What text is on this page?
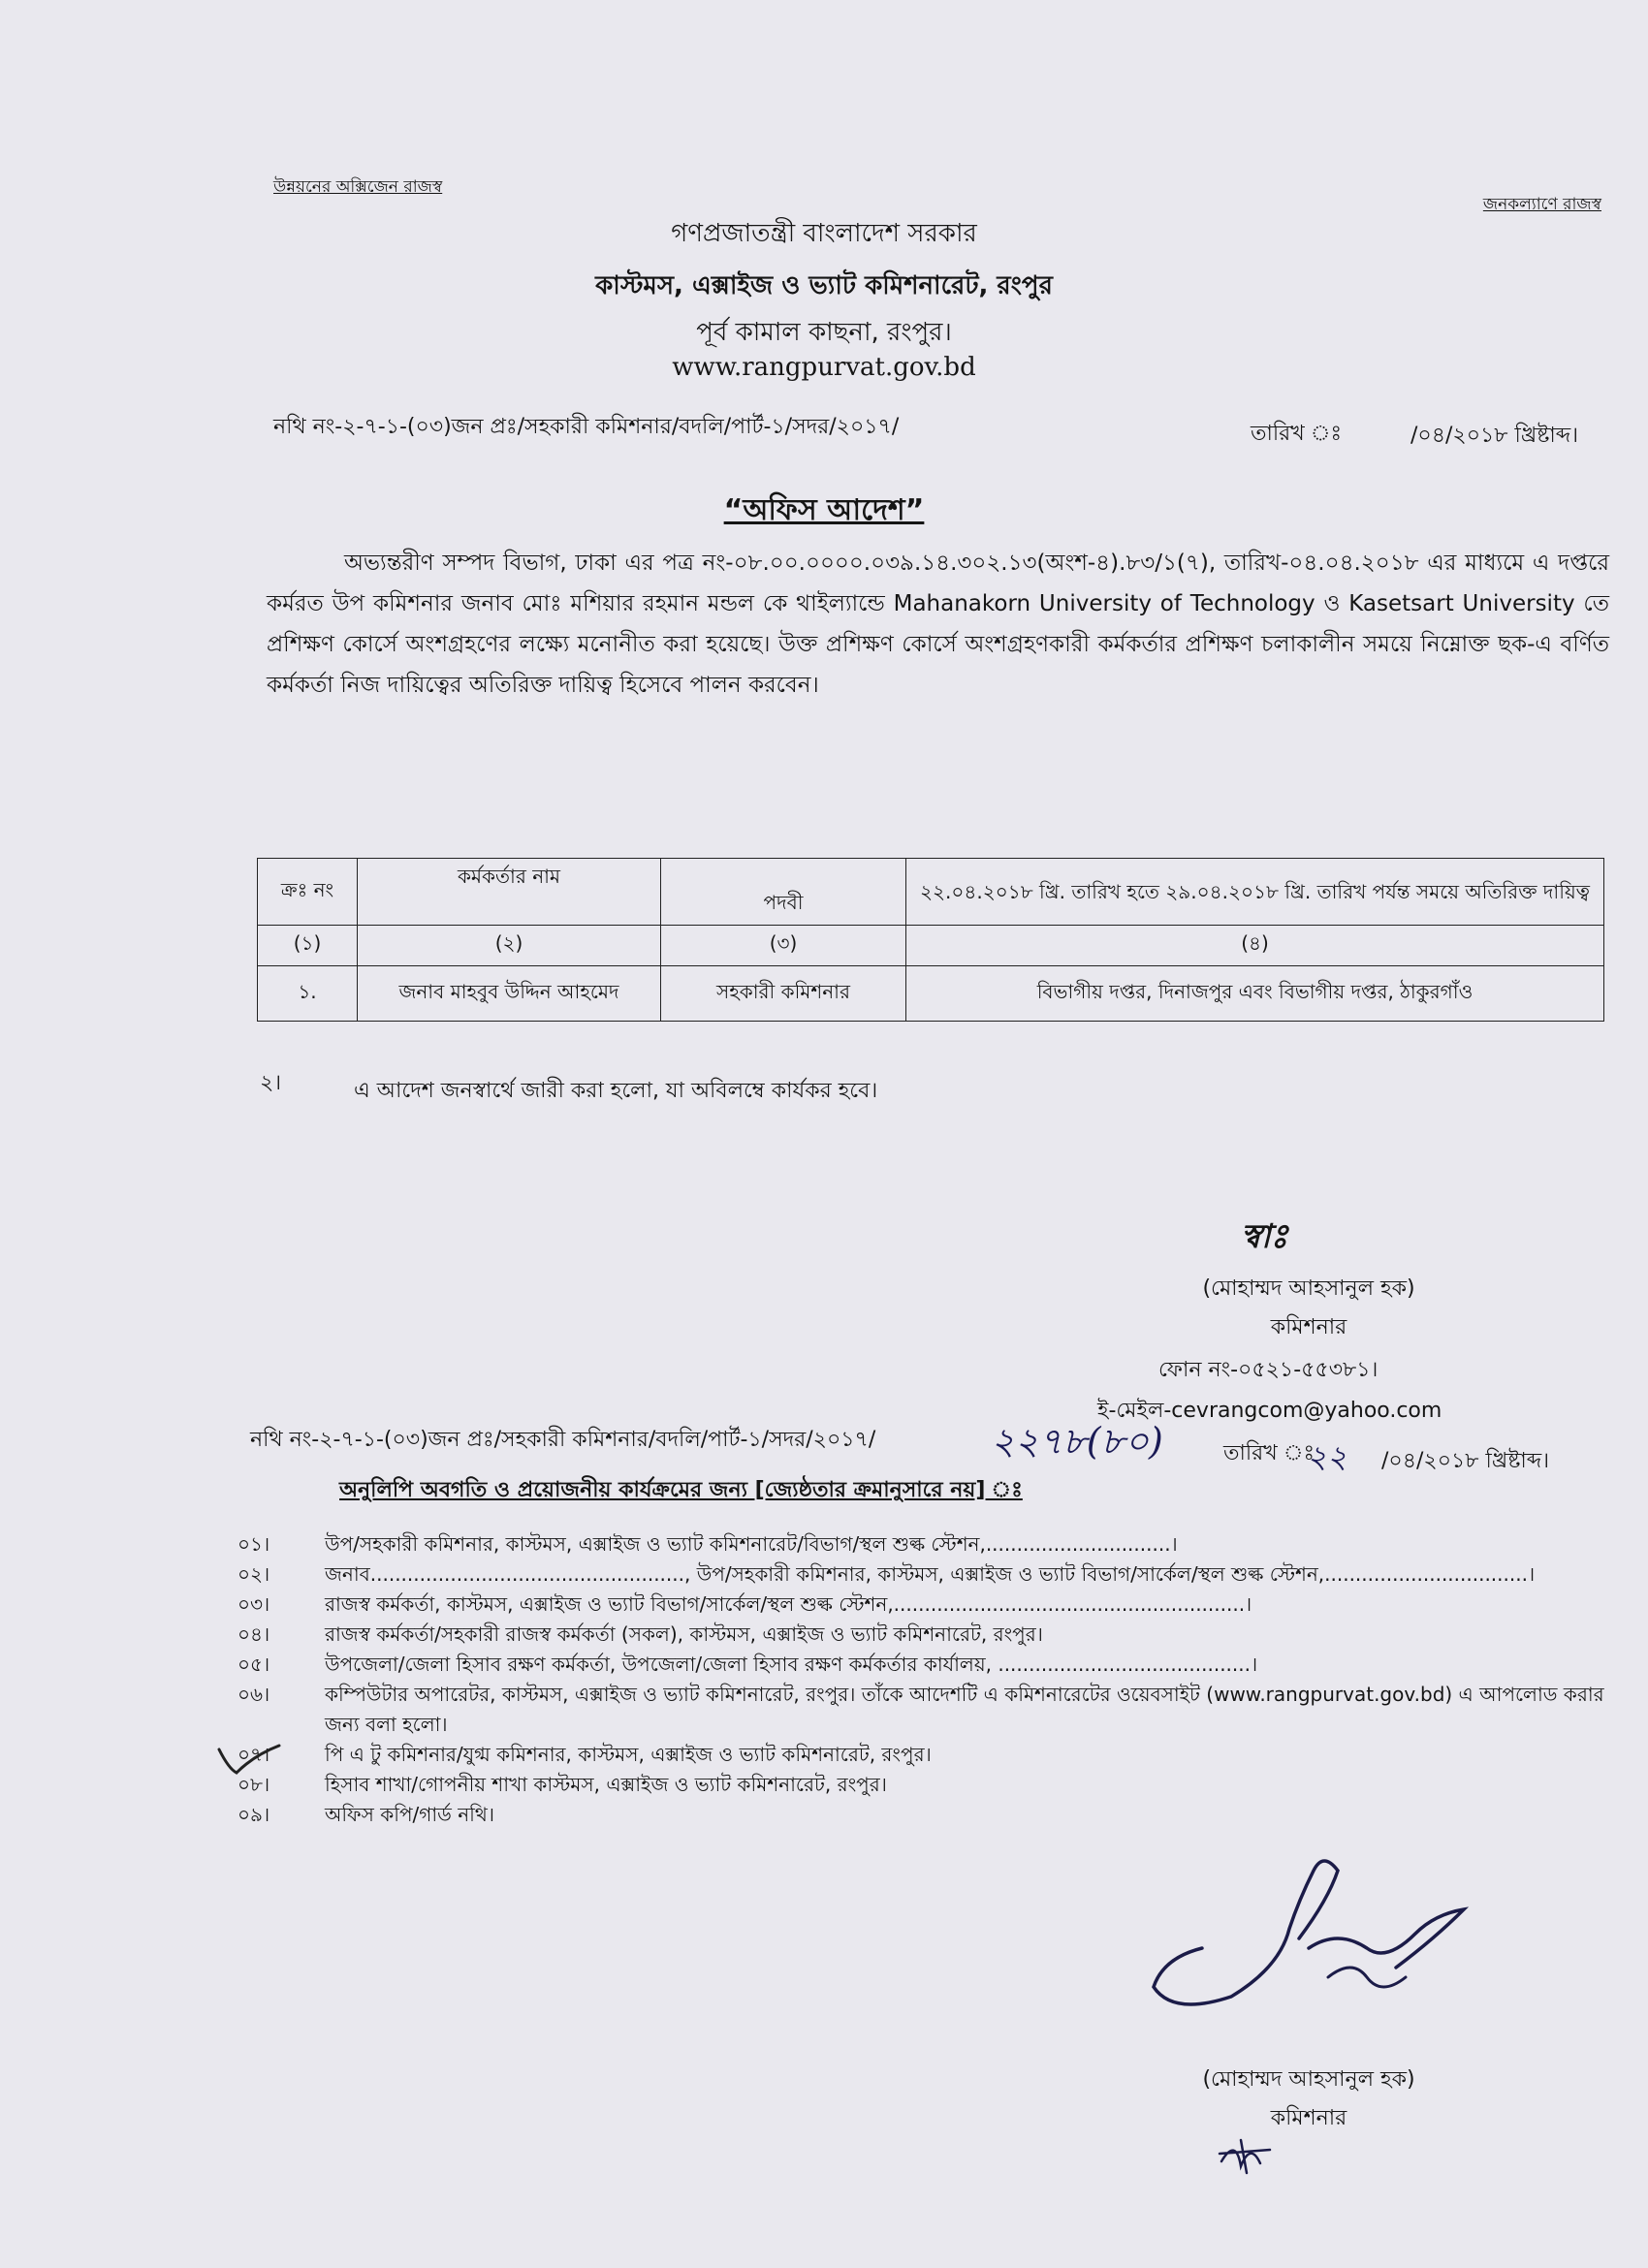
উন্নয়নের অক্সিজেন রাজস্ব
জনকল্যাণে রাজস্ব
গণপ্রজাতন্ত্রী বাংলাদেশ সরকার
কাস্টমস, এক্সাইজ ও ভ্যাট কমিশনারেট, রংপুর
পূর্ব কামাল কাছনা, রংপুর।
www.rangpurvat.gov.bd
নথি নং-২-৭-১-(০৩)জন প্রঃ/সহকারী কমিশনার/বদলি/পার্ট-১/সদর/২০১৭/	তারিখ ঃ	/০৪/২০১৮ খ্রিষ্টাব্দ।
“অফিস আদেশ”

অভ্যন্তরীণ সম্পদ বিভাগ, ঢাকা এর পত্র নং-০৮.০০.০০০০.০৩৯.১৪.৩০২.১৩(অংশ-৪).৮৩/১(৭), তারিখ-০৪.০৪.২০১৮ এর মাধ্যমে এ দপ্তরে কর্মরত উপ কমিশনার জনাব মোঃ মশিয়ার রহমান মন্ডল কে থাইল্যান্ডে Mahanakorn University of Technology ও Kasetsart University তে প্রশিক্ষণ কোর্সে অংশগ্রহণের লক্ষ্যে মনোনীত করা হয়েছে। উক্ত প্রশিক্ষণ কোর্সে অংশগ্রহণকারী কর্মকর্তার প্রশিক্ষণ চলাকালীন সময়ে নিম্নোক্ত ছক-এ বর্ণিত কর্মকর্তা নিজ দায়িত্বের অতিরিক্ত দায়িত্ব হিসেবে পালন করবেন।

ক্রঃ নং	কর্মকর্তার নাম	পদবী	২২.০৪.২০১৮ খ্রি. তারিখ হতে ২৯.০৪.২০১৮ খ্রি. তারিখ পর্যন্ত সময়ে অতিরিক্ত দায়িত্ব
(১)	(২)	(৩)	(৪)
১.	জনাব মাহবুব উদ্দিন আহমেদ	সহকারী কমিশনার	বিভাগীয় দপ্তর, দিনাজপুর এবং বিভাগীয় দপ্তর, ঠাকুরগাঁও
২।	এ আদেশ জনস্বার্থে জারী করা হলো, যা অবিলম্বে কার্যকর হবে।
স্বাঃ
(মোহাম্মদ আহসানুল হক)
কমিশনার
ফোন নং-০৫২১-৫৫৩৮১।
ই-মেইল-cevrangcom@yahoo.com
নথি নং-২-৭-১-(০৩)জন প্রঃ/সহকারী কমিশনার/বদলি/পার্ট-১/সদর/২০১৭/	২২৭৮(৮০)	তারিখ ঃ
২২ /০৪/২০১৮ খ্রিষ্টাব্দ।
অনুলিপি অবগতি ও প্রয়োজনীয় কার্যক্রমের জন্য [জ্যেষ্ঠতার ক্রমানুসারে নয়] ঃ
০১।	উপ/সহকারী কমিশনার, কাস্টমস, এক্সাইজ ও ভ্যাট কমিশনারেট/বিভাগ/স্থল শুল্ক স্টেশন,..............................।
০২।	জনাব..................................................., উপ/সহকারী কমিশনার, কাস্টমস, এক্সাইজ ও ভ্যাট বিভাগ/সার্কেল/স্থল শুল্ক স্টেশন,.................................।
০৩।	রাজস্ব কর্মকর্তা, কাস্টমস, এক্সাইজ ও ভ্যাট বিভাগ/সার্কেল/স্থল শুল্ক স্টেশন,.........................................................।
০৪।	রাজস্ব কর্মকর্তা/সহকারী রাজস্ব কর্মকর্তা (সকল), কাস্টমস, এক্সাইজ ও ভ্যাট কমিশনারেট, রংপুর।
০৫।	উপজেলা/জেলা হিসাব রক্ষণ কর্মকর্তা, উপজেলা/জেলা হিসাব রক্ষণ কর্মকর্তার কার্যালয়, .........................................।
০৬।	কম্পিউটার অপারেটর, কাস্টমস, এক্সাইজ ও ভ্যাট কমিশনারেট, রংপুর। তাঁকে আদেশটি এ কমিশনারেটের ওয়েবসাইট (www.rangpurvat.gov.bd) এ আপলোড করার জন্য বলা হলো।
০৭।	পি এ টু কমিশনার/যুগ্ম কমিশনার, কাস্টমস, এক্সাইজ ও ভ্যাট কমিশনারেট, রংপুর।
০৮।	হিসাব শাখা/গোপনীয় শাখা কাস্টমস, এক্সাইজ ও ভ্যাট কমিশনারেট, রংপুর।
০৯।	অফিস কপি/গার্ড নথি।
(মোহাম্মদ আহসানুল হক)
কমিশনার
